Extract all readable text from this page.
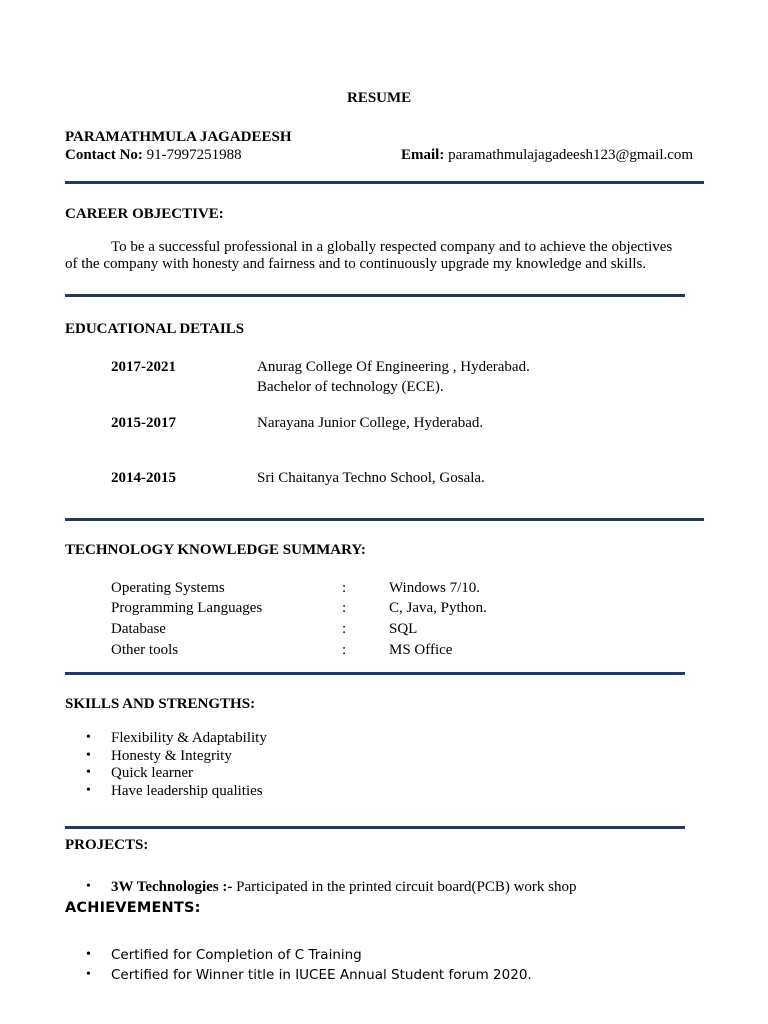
RESUME
PARAMATHMULA JAGADEESH
Contact No: 91-7997251988	Email: paramathmulajagadeesh123@gmail.com
CAREER OBJECTIVE:
To be a successful professional in a globally respected company and to achieve the objectives
of the company with honesty and fairness and to continuously upgrade my knowledge and skills.
EDUCATIONAL DETAILS
2017-2021	Anurag College Of Engineering , Hyderabad.
Bachelor of technology (ECE).
2015-2017	Narayana Junior College, Hyderabad.
2014-2015	Sri Chaitanya Techno School, Gosala.
TECHNOLOGY KNOWLEDGE SUMMARY:
Operating Systems	:	Windows 7/10.
Programming Languages	:	C, Java, Python.
Database	:	SQL
Other tools	:	MS Office
SKILLS AND STRENGTHS:
• Flexibility & Adaptability
• Honesty & Integrity
• Quick learner
• Have leadership qualities
PROJECTS:
• 3W Technologies :- Participated in the printed circuit board(PCB) work shop
ACHIEVEMENTS:
• Certified for Completion of C Training
• Certified for Winner title in IUCEE Annual Student forum 2020.
